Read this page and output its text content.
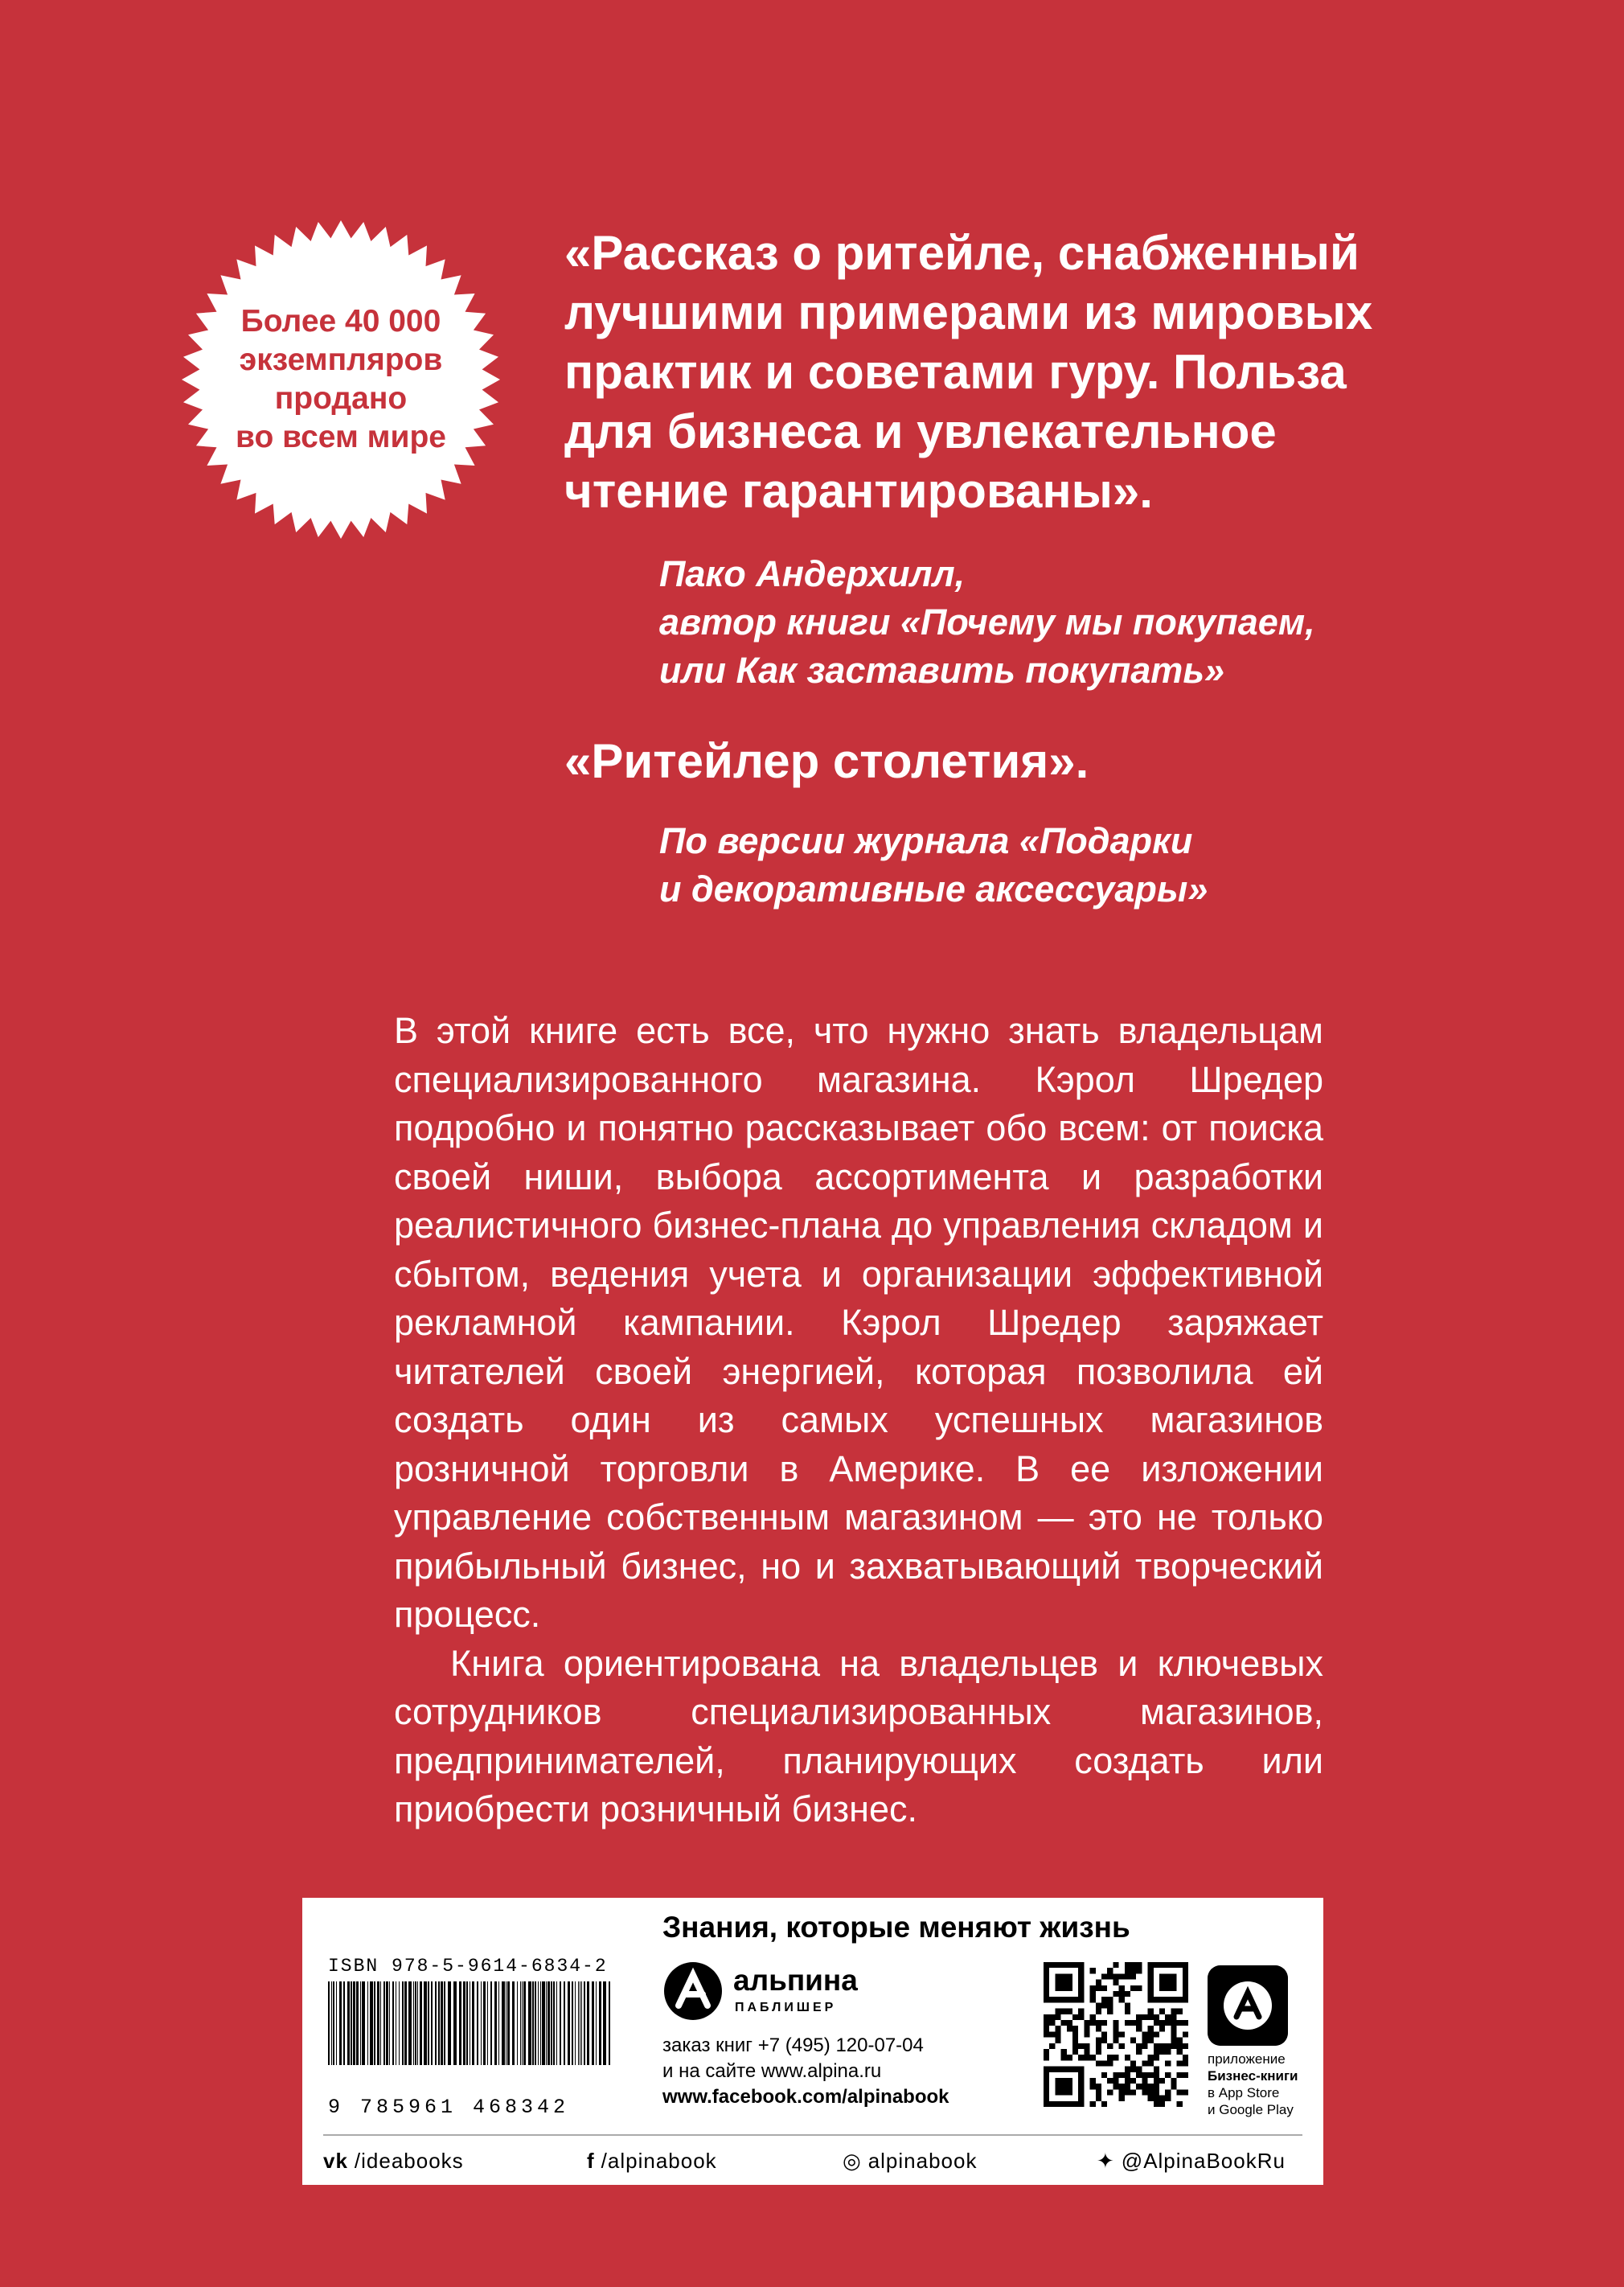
Более 40 000
экземпляров
продано
во всем мире
«Рассказ о ритейле, снабженный
лучшими примерами из мировых
практик и советами гуру. Польза
для бизнеса и увлекательное
чтение гарантированы».
Пако Андерхилл,
автор книги «Почему мы покупаем,
или Как заставить покупать»
«Ритейлер столетия».
По версии журнала «Подарки
и декоративные аксессуары»

В этой книге есть все, что нужно знать владельцам специализированного магазина. Кэрол Шредер подробно и понятно рассказывает обо всем: от поиска своей ниши, выбора ассортимента и разработки реалистичного бизнес-плана до управления складом и сбытом, ведения учета и организации эффективной рекламной кампании. Кэрол Шредер заряжает читателей своей энергией, которая позволила ей создать один из самых успешных магазинов розничной торговли в Америке. В ее изложении управление собственным магазином — это не только прибыльный бизнес, но и захватывающий творческий процесс.

Книга ориентирована на владельцев и ключевых сотрудников специализированных магазинов, предпринимателей, планирующих создать или приобрести розничный бизнес.

ISBN 978-5-9614-6834-2
9 785961 468342
Знания, которые меняют жизнь
альпина
ПАБЛИШЕР
заказ книг +7 (495) 120-07-04
и на сайте www.alpina.ru
www.facebook.com/alpinabook
приложение
Бизнес-книги
в App Store
и Google Play
vk /ideabooks	f /alpinabook	◎ alpinabook	✦ @AlpinaBookRu
